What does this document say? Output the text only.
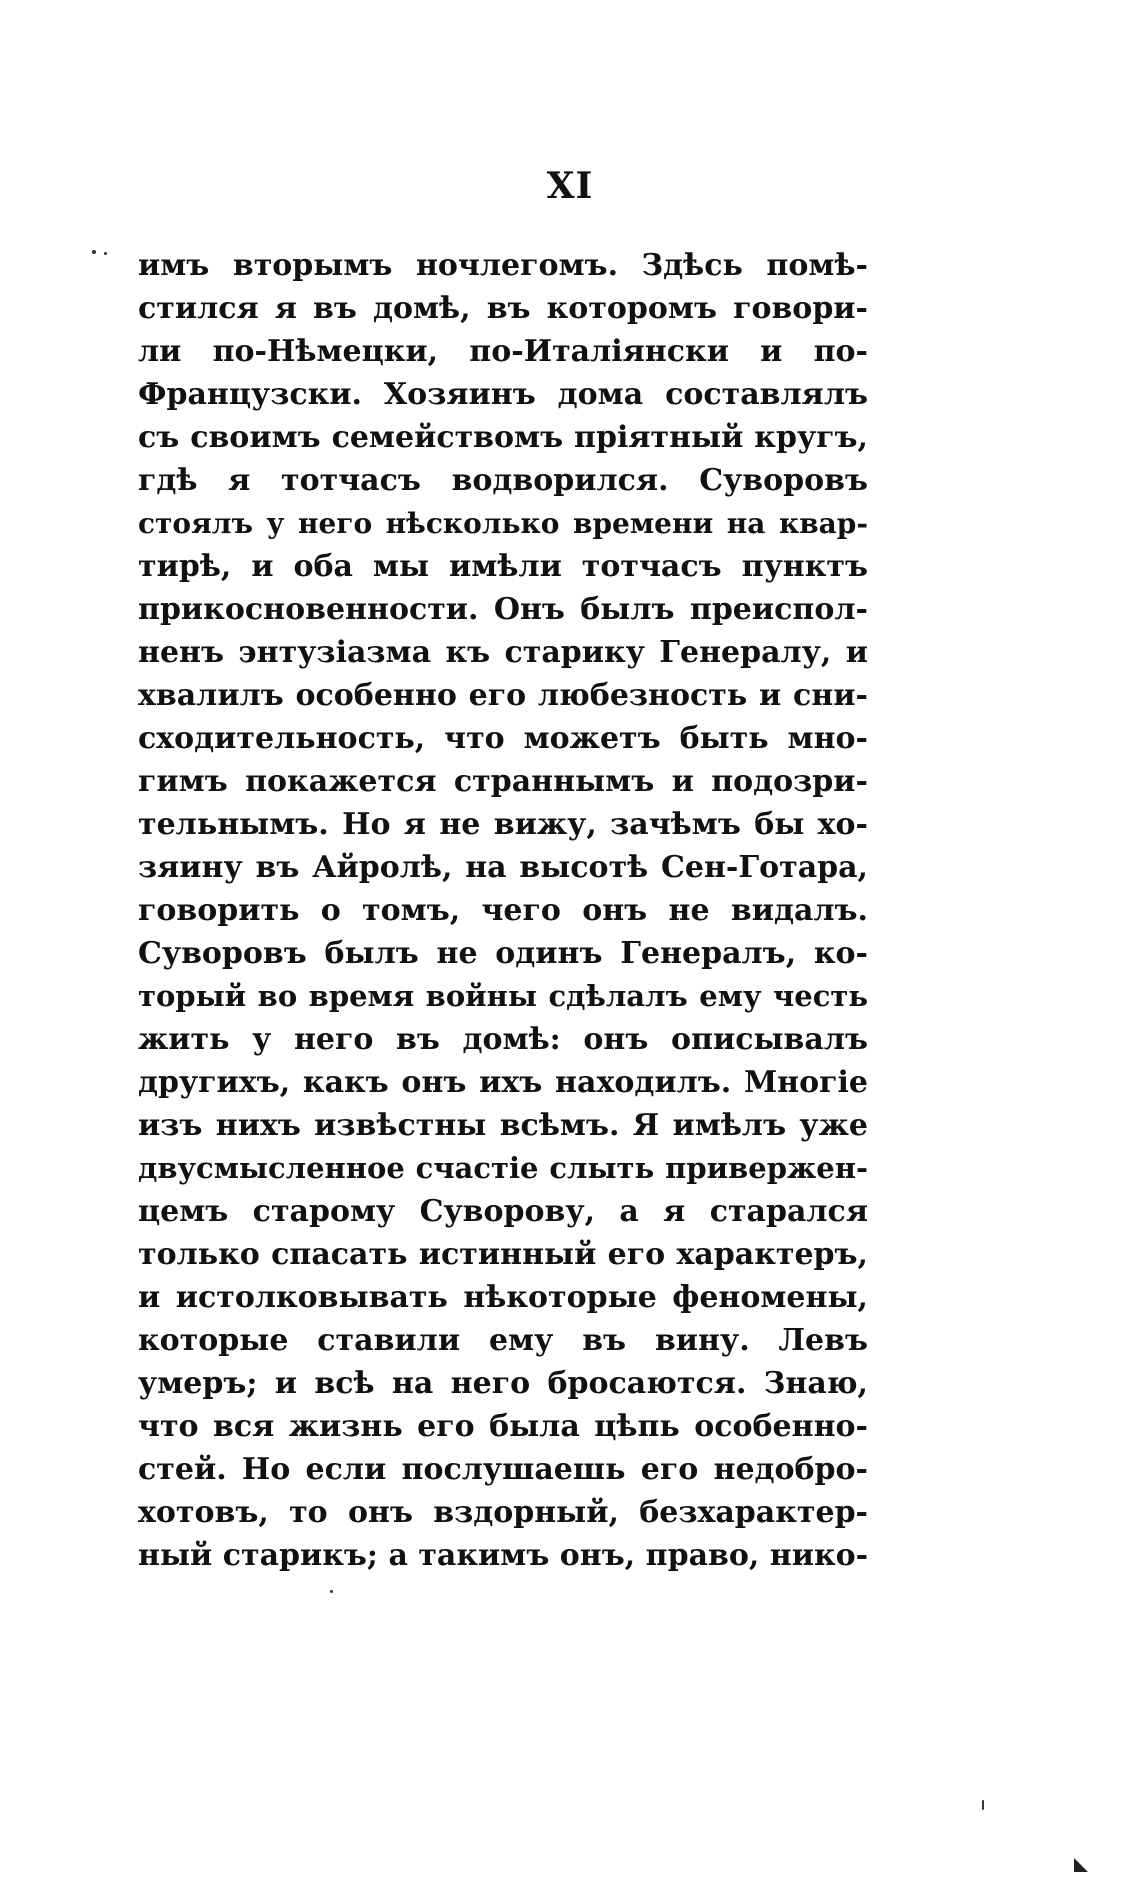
XI
имъ вторымъ ночлегомъ. Здѣсь помѣ-
стился я въ домѣ, въ которомъ говори-
ли по-Нѣмецки, по-Италіянски и по-
Французски. Хозяинъ дома составлялъ
съ своимъ семействомъ пріятный кругъ,
гдѣ я тотчасъ водворился. Суворовъ
стоялъ у него нѣсколько времени на квар-
тирѣ, и оба мы имѣли тотчасъ пунктъ
прикосновенности. Онъ былъ преиспол-
ненъ энтузіазма къ старику Генералу, и
хвалилъ особенно его любезность и сни-
сходительность, что можетъ быть мно-
гимъ покажется страннымъ и подозри-
тельнымъ. Но я не вижу, зачѣмъ бы хо-
зяину въ Айролѣ, на высотѣ Сен-Готара,
говорить о томъ, чего онъ не видалъ.
Суворовъ былъ не одинъ Генералъ, ко-
торый во время войны сдѣлалъ ему честь
жить у него въ домѣ: онъ описывалъ
другихъ, какъ онъ ихъ находилъ. Многіе
изъ нихъ извѣстны всѣмъ. Я имѣлъ уже
двусмысленное счастіе слыть привержен-
цемъ старому Суворову, а я старался
только спасать истинный его характеръ,
и истолковывать нѣкоторые феномены,
которые ставили ему въ вину. Левъ
умеръ; и всѣ на него бросаются. Знаю,
что вся жизнь его была цѣпь особенно-
стей. Но если послушаешь его недобро-
хотовъ, то онъ вздорный, безхарактер-
ный старикъ; а такимъ онъ, право, нико-
